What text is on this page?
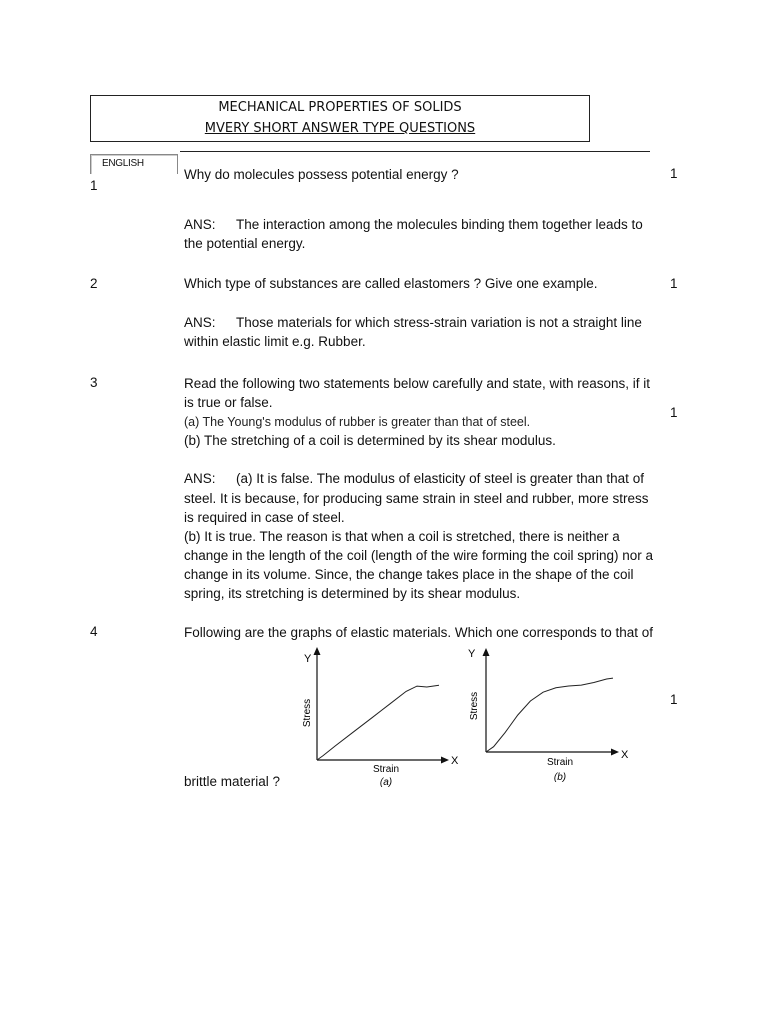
MECHANICAL PROPERTIES OF SOLIDS
MVERY SHORT ANSWER TYPE QUESTIONS
ENGLISH
1
Why do molecules possess potential energy ?	1
ANS: The interaction among the molecules binding them together leads to
the potential energy.
2	Which type of substances are called elastomers ? Give one example.	1
ANS: Those materials for which stress-strain variation is not a straight line
within elastic limit e.g. Rubber.
3	Read the following two statements below carefully and state, with reasons, if it
is true or false.
1
(a) The Young's modulus of rubber is greater than that of steel.
(b) The stretching of a coil is determined by its shear modulus.
ANS: (a) It is false. The modulus of elasticity of steel is greater than that of
steel. It is because, for producing same strain in steel and rubber, more stress
is required in case of steel.
(b) It is true. The reason is that when a coil is stretched, there is neither a
change in the length of the coil (length of the wire forming the coil spring) nor a
change in its volume. Since, the change takes place in the shape of the coil
spring, its stretching is determined by its shear modulus.
4	Following are the graphs of elastic materials. Which one corresponds to that of
1
brittle material ?
Y
X
Stress
Strain
(a)
Y
X
Stress
Strain
(b)
